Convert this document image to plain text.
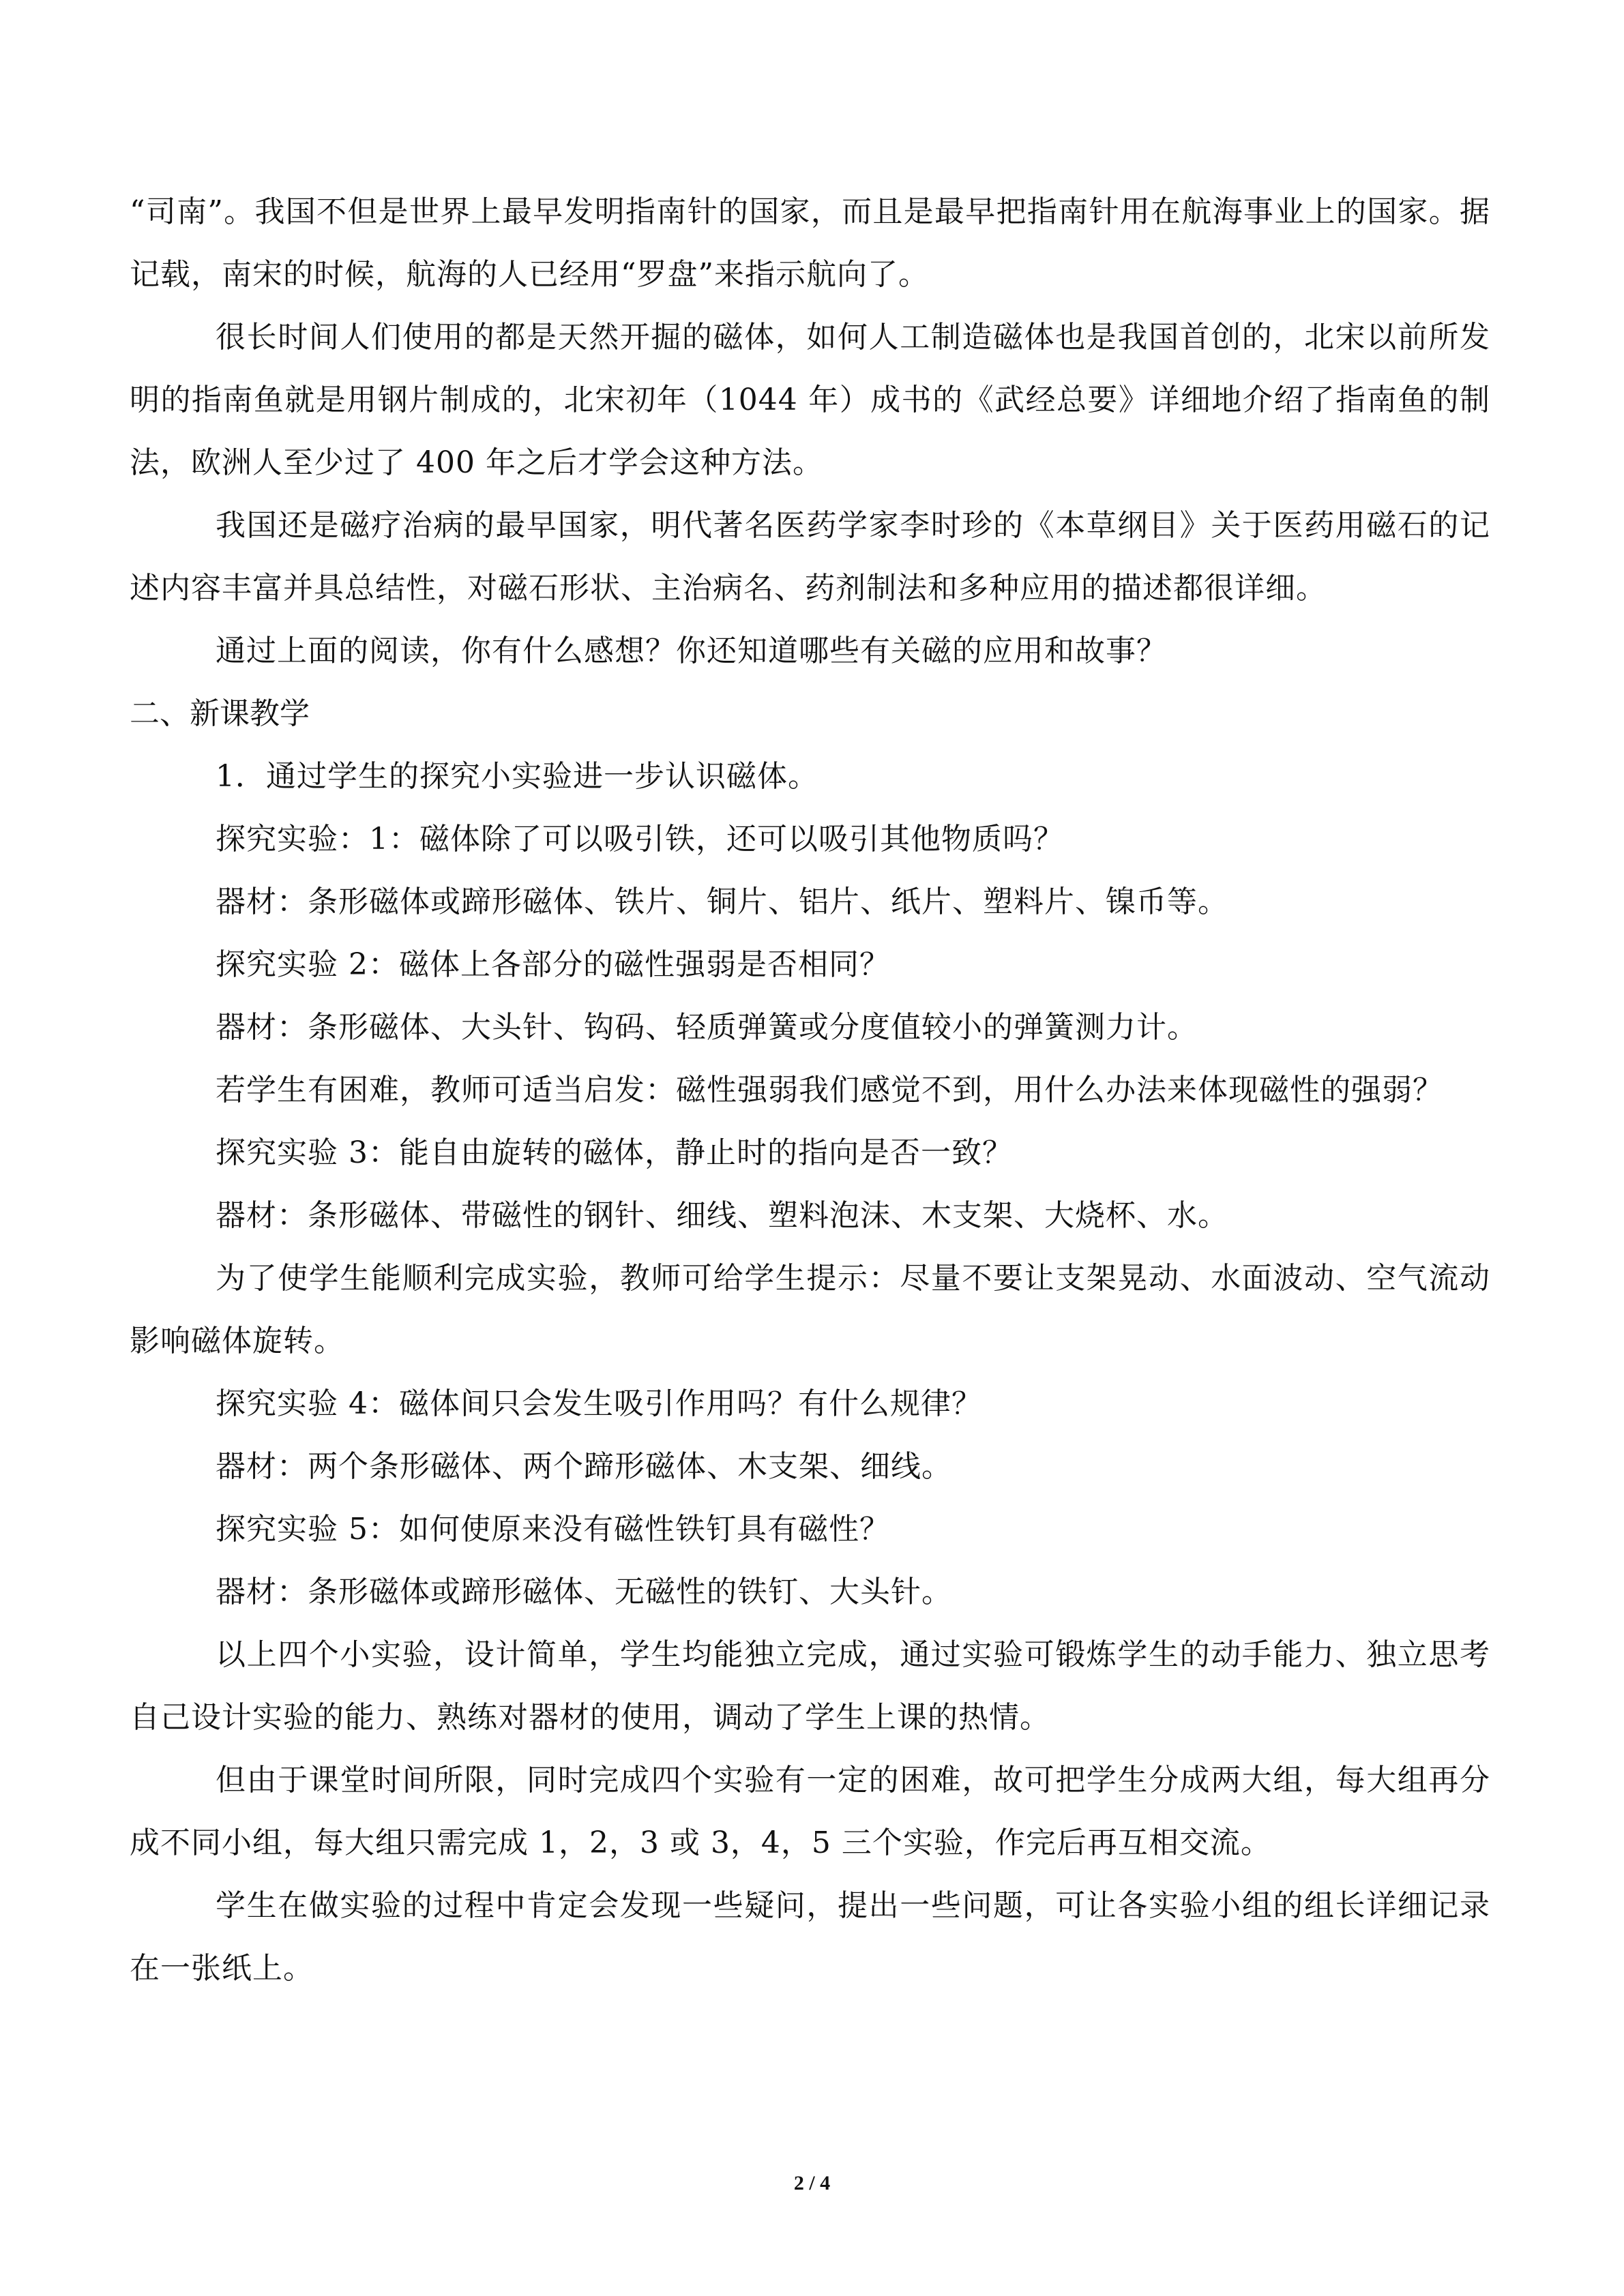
“司南”。我国不但是世界上最早发明指南针的国家，而且是最早把指南针用在航海事业上的国家。据记载，南宋的时候，航海的人已经用“罗盘”来指示航向了。

很长时间人们使用的都是天然开掘的磁体，如何人工制造磁体也是我国首创的，北宋以前所发明的指南鱼就是用钢片制成的，北宋初年（1044 年）成书的《武经总要》详细地介绍了指南鱼的制法，欧洲人至少过了 400 年之后才学会这种方法。

我国还是磁疗治病的最早国家，明代著名医药学家李时珍的《本草纲目》关于医药用磁石的记述内容丰富并具总结性，对磁石形状、主治病名、药剂制法和多种应用的描述都很详细。

通过上面的阅读，你有什么感想？你还知道哪些有关磁的应用和故事？

二、新课教学

1．通过学生的探究小实验进一步认识磁体。

探究实验：1：磁体除了可以吸引铁，还可以吸引其他物质吗？

器材：条形磁体或蹄形磁体、铁片、铜片、铝片、纸片、塑料片、镍币等。

探究实验 2：磁体上各部分的磁性强弱是否相同？

器材：条形磁体、大头针、钩码、轻质弹簧或分度值较小的弹簧测力计。

若学生有困难，教师可适当启发：磁性强弱我们感觉不到，用什么办法来体现磁性的强弱？

探究实验 3：能自由旋转的磁体，静止时的指向是否一致？

器材：条形磁体、带磁性的钢针、细线、塑料泡沫、木支架、大烧杯、水。

为了使学生能顺利完成实验，教师可给学生提示：尽量不要让支架晃动、水面波动、空气流动影响磁体旋转。

探究实验 4：磁体间只会发生吸引作用吗？有什么规律？

器材：两个条形磁体、两个蹄形磁体、木支架、细线。

探究实验 5：如何使原来没有磁性铁钉具有磁性？

器材：条形磁体或蹄形磁体、无磁性的铁钉、大头针。

以上四个小实验，设计简单，学生均能独立完成，通过实验可锻炼学生的动手能力、独立思考自己设计实验的能力、熟练对器材的使用，调动了学生上课的热情。

但由于课堂时间所限，同时完成四个实验有一定的困难，故可把学生分成两大组，每大组再分成不同小组，每大组只需完成 1，2，3 或 3，4，5 三个实验，作完后再互相交流。

学生在做实验的过程中肯定会发现一些疑问，提出一些问题，可让各实验小组的组长详细记录在一张纸上。

2 / 4
